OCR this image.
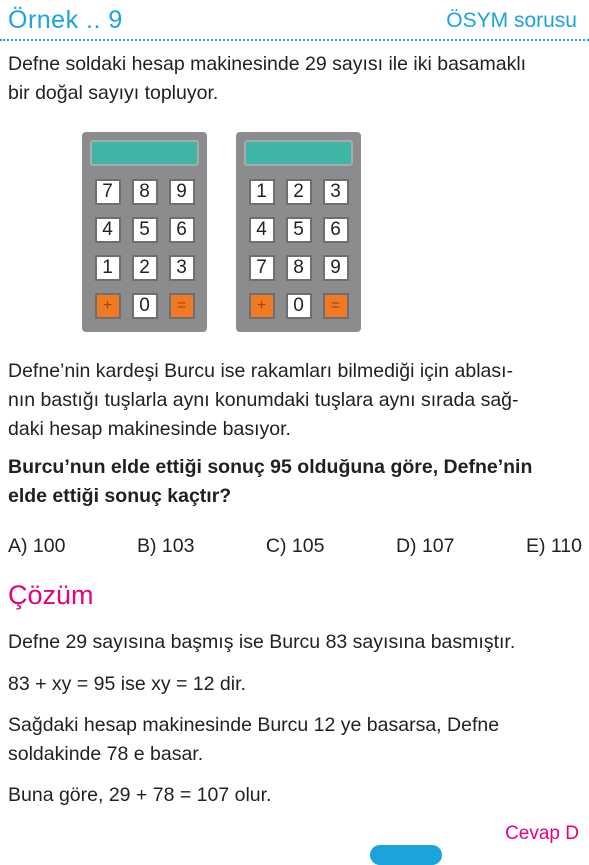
Örnek .. 9	ÖSYM sorusu

Defne soldaki hesap makinesinde 29 sayısı ile iki basamaklı
bir doğal sayıyı topluyor.

7	8	9
4	5	6
1	2	3
+	0	=
1	2	3
4	5	6
7	8	9
+	0	=

Defne’nin kardeşi Burcu ise rakamları bilmediği için ablası-
nın bastığı tuşlarla aynı konumdaki tuşlara aynı sırada sağ-
daki hesap makinesinde basıyor.

Burcu’nun elde ettiği sonuç 95 olduğuna göre, Defne’nin
elde ettiği sonuç kaçtır?

A) 100	B) 103	C) 105	D) 107	E) 110
Çözüm

Defne 29 sayısına başmış ise Burcu 83 sayısına basmıştır.

83 + xy = 95 ise xy = 12 dir.

Sağdaki hesap makinesinde Burcu 12 ye basarsa, Defne
soldakinde 78 e basar.

Buna göre, 29 + 78 = 107 olur.

Cevap D
